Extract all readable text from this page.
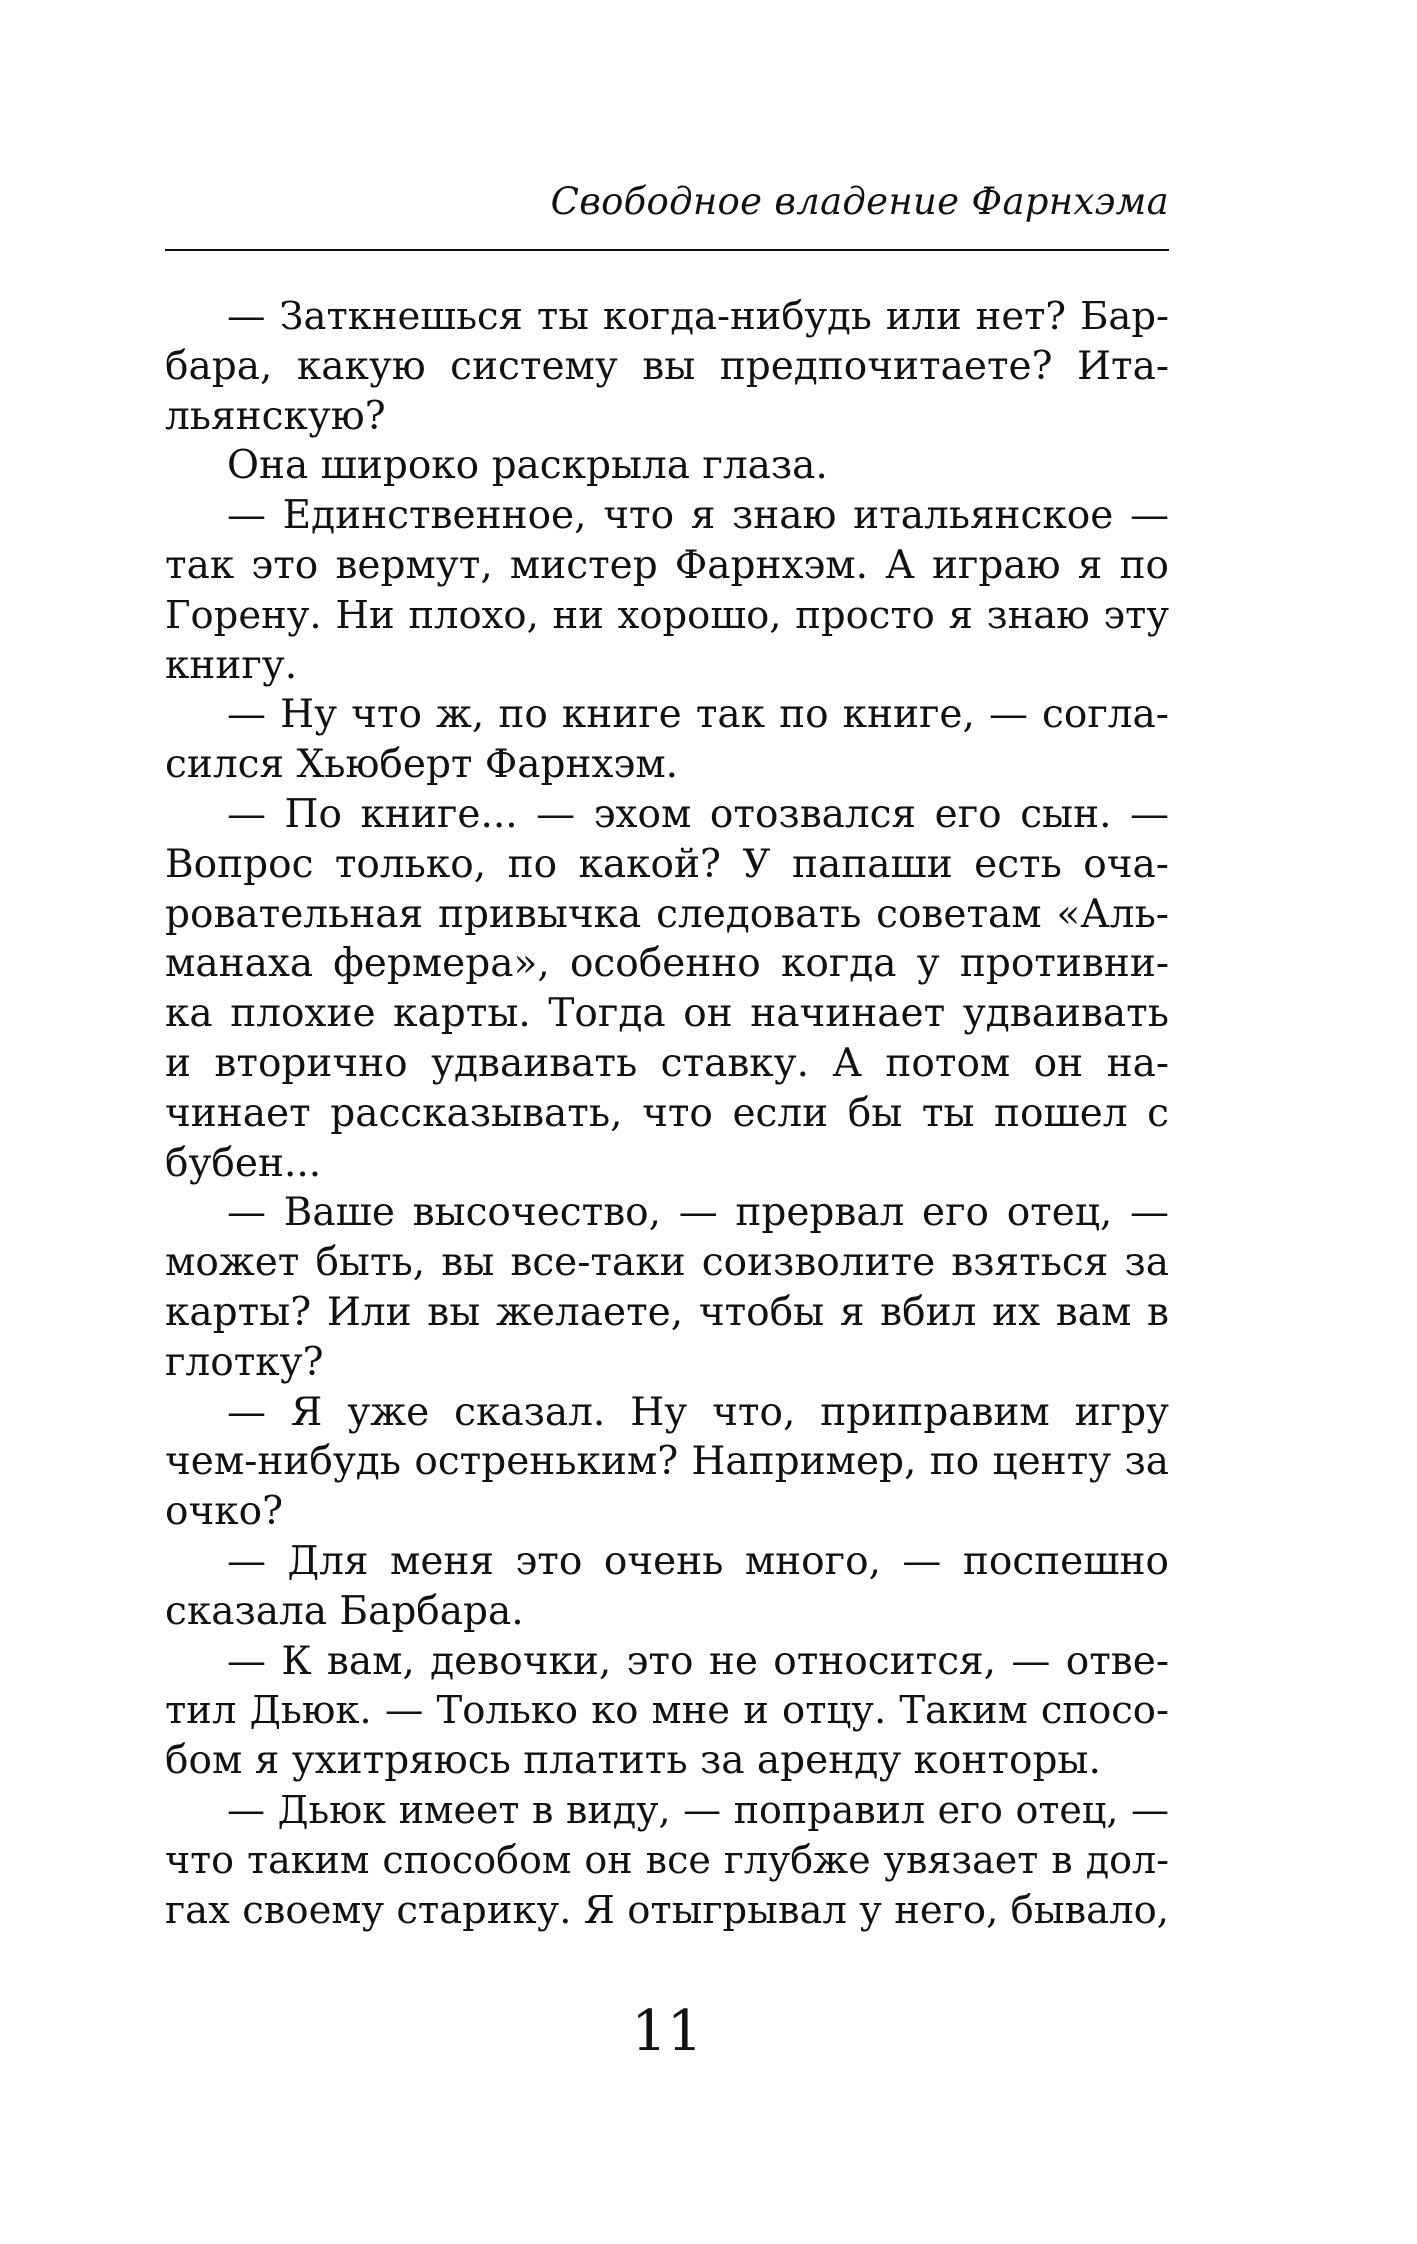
Свободное владение Фарнхэма
— Заткнешься ты когда-нибудь или нет? Бар-
бара, какую систему вы предпочитаете? Ита-
льянскую?
Она широко раскрыла глаза.
— Единственное, что я знаю итальянское —
так это вермут, мистер Фарнхэм. А играю я по
Горену. Ни плохо, ни хорошо, просто я знаю эту
книгу.
— Ну что ж, по книге так по книге, — согла-
сился Хьюберт Фарнхэм.
— По книге... — эхом отозвался его сын. —
Вопрос только, по какой? У папаши есть оча-
ровательная привычка следовать советам «Аль-
манаха фермера», особенно когда у противни-
ка плохие карты. Тогда он начинает удваивать
и вторично удваивать ставку. А потом он на-
чинает рассказывать, что если бы ты пошел с
бубен...
— Ваше высочество, — прервал его отец, —
может быть, вы все-таки соизволите взяться за
карты? Или вы желаете, чтобы я вбил их вам в
глотку?
— Я уже сказал. Ну что, приправим игру
чем-нибудь остреньким? Например, по центу за
очко?
— Для меня это очень много, — поспешно
сказала Барбара.
— К вам, девочки, это не относится, — отве-
тил Дьюк. — Только ко мне и отцу. Таким спосо-
бом я ухитряюсь платить за аренду конторы.
— Дьюк имеет в виду, — поправил его отец, —
что таким способом он все глубже увязает в дол-
гах своему старику. Я отыгрывал у него, бывало,
11
